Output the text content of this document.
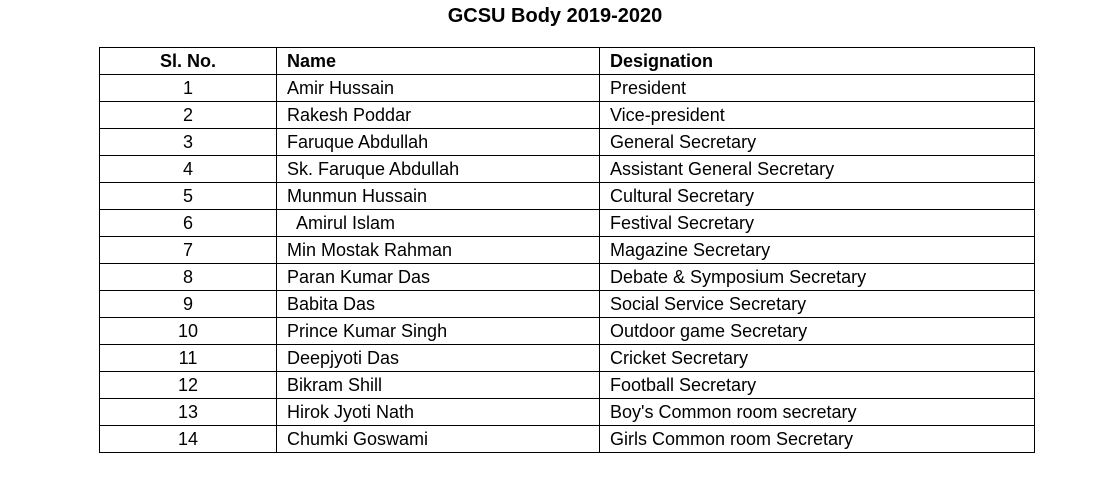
GCSU Body 2019-2020
Sl. No.	Name	Designation
1	Amir Hussain	President
2	Rakesh Poddar	Vice-president
3	Faruque Abdullah	General Secretary
4	Sk. Faruque Abdullah	Assistant General Secretary
5	Munmun Hussain	Cultural Secretary
6	Amirul Islam	Festival Secretary
7	Min Mostak Rahman	Magazine Secretary
8	Paran Kumar Das	Debate & Symposium Secretary
9	Babita Das	Social Service Secretary
10	Prince Kumar Singh	Outdoor game Secretary
11	Deepjyoti Das	Cricket Secretary
12	Bikram Shill	Football Secretary
13	Hirok Jyoti Nath	Boy's Common room secretary
14	Chumki Goswami	Girls Common room Secretary
